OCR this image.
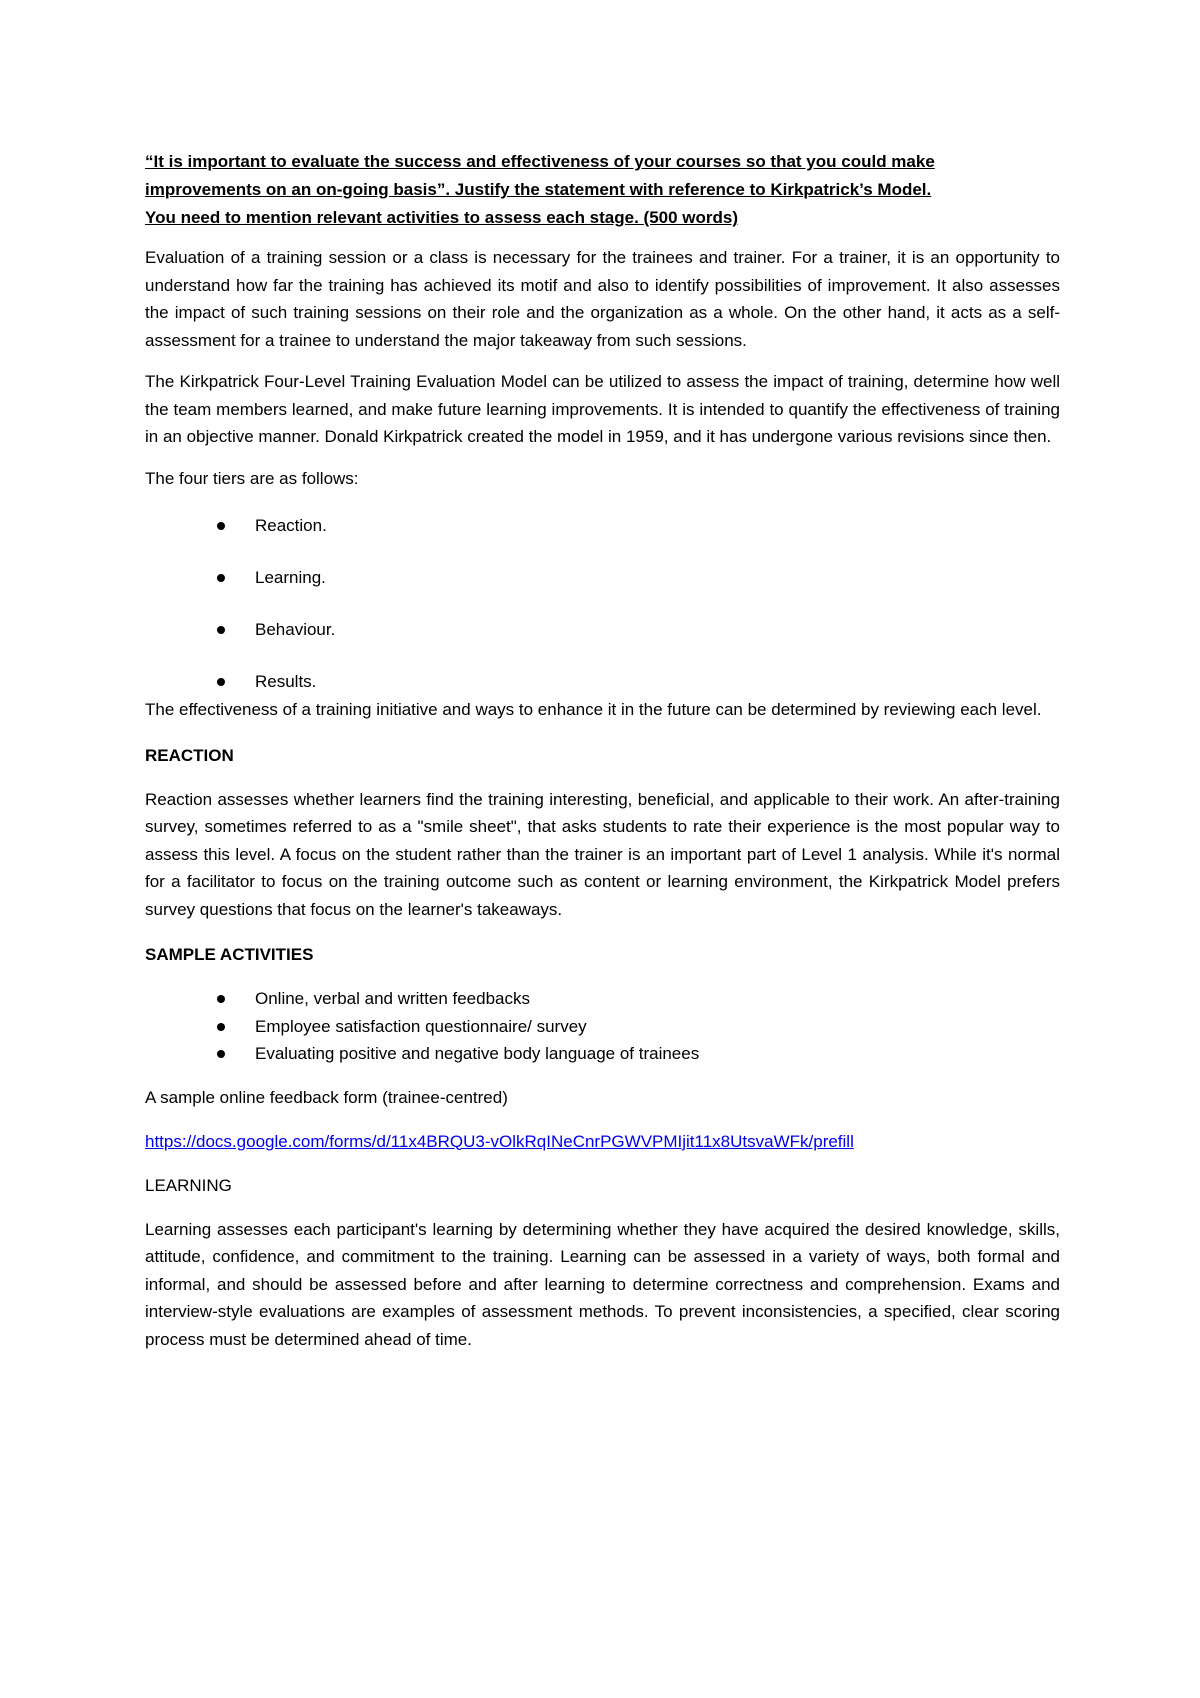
“It is important to evaluate the success and effectiveness of your courses so that you could make
improvements on an on-going basis”. Justify the statement with reference to Kirkpatrick’s Model.
You need to mention relevant activities to assess each stage. (500 words)

Evaluation of a training session or a class is necessary for the trainees and trainer. For a trainer, it is an opportunity to understand how far the training has achieved its motif and also to identify possibilities of improvement. It also assesses the impact of such training sessions on their role and the organization as a whole. On the other hand, it acts as a self-assessment for a trainee to understand the major takeaway from such sessions.

The Kirkpatrick Four-Level Training Evaluation Model can be utilized to assess the impact of training, determine how well the team members learned, and make future learning improvements. It is intended to quantify the effectiveness of training in an objective manner. Donald Kirkpatrick created the model in 1959, and it has undergone various revisions since then.

The four tiers are as follows:

Reaction.
Learning.
Behaviour.
Results.

The effectiveness of a training initiative and ways to enhance it in the future can be determined by reviewing each level.

REACTION

Reaction assesses whether learners find the training interesting, beneficial, and applicable to their work. An after-training survey, sometimes referred to as a "smile sheet", that asks students to rate their experience is the most popular way to assess this level. A focus on the student rather than the trainer is an important part of Level 1 analysis. While it's normal for a facilitator to focus on the training outcome such as content or learning environment, the Kirkpatrick Model prefers survey questions that focus on the learner's takeaways.

SAMPLE ACTIVITIES
Online, verbal and written feedbacks
Employee satisfaction questionnaire/ survey
Evaluating positive and negative body language of trainees
A sample online feedback form (trainee-centred)
https://docs.google.com/forms/d/11x4BRQU3-vOlkRqINeCnrPGWVPMIjit11x8UtsvaWFk/prefill
LEARNING

Learning assesses each participant's learning by determining whether they have acquired the desired knowledge, skills, attitude, confidence, and commitment to the training. Learning can be assessed in a variety of ways, both formal and informal, and should be assessed before and after learning to determine correctness and comprehension. Exams and interview-style evaluations are examples of assessment methods. To prevent inconsistencies, a specified, clear scoring process must be determined ahead of time.
